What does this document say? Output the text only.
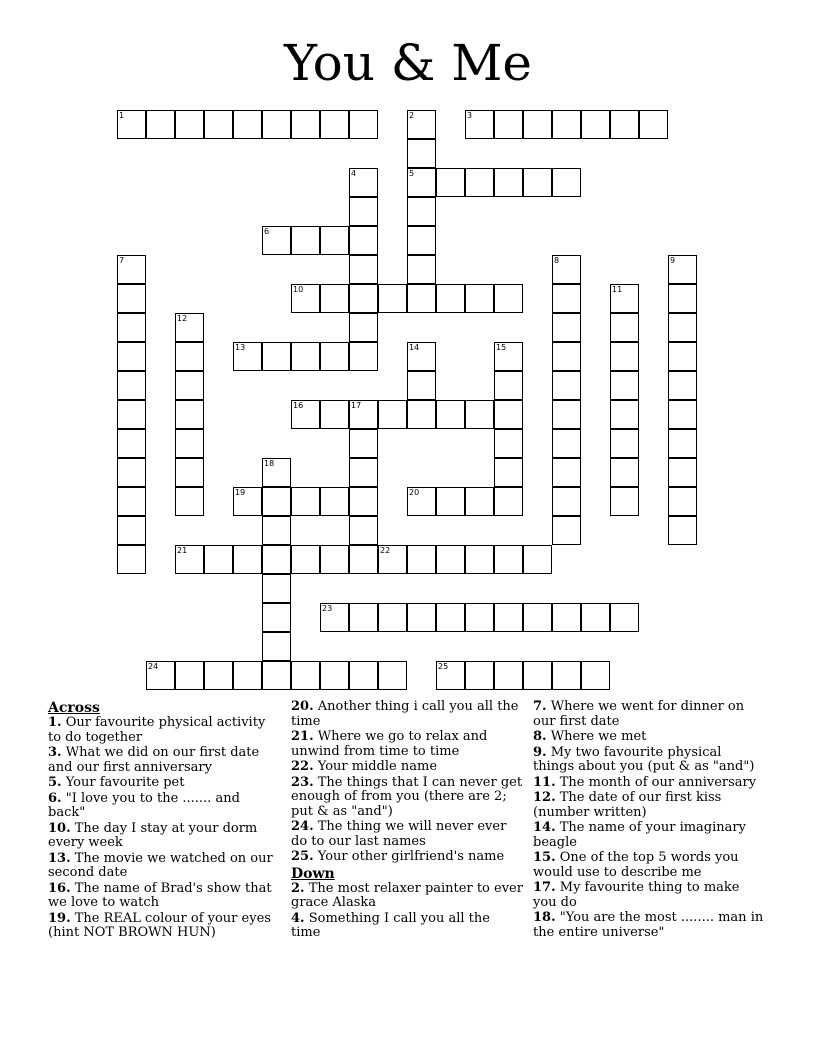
You & Me
1	2
5
3
4
6
7	8	9
10	11
12
13	14	15
16	17
18
19	20
21	22
23
24	25
Across
1. Our favourite physical activity to do together
3. What we did on our first date and our first anniversary
5. Your favourite pet
6. "I love you to the ....... and back"
10. The day I stay at your dorm every week
13. The movie we watched on our second date
16. The name of Brad's show that we love to watch
19. The REAL colour of your eyes (hint NOT BROWN HUN)
20. Another thing i call you all the time
21. Where we go to relax and unwind from time to time
22. Your middle name
23. The things that I can never get enough of from you (there are 2; put & as "and")
24. The thing we will never ever do to our last names
25. Your other girlfriend's name
Down
2. The most relaxer painter to ever grace Alaska
4. Something I call you all the time
7. Where we went for dinner on our first date
8. Where we met
9. My two favourite physical things about you (put & as "and")
11. The month of our anniversary
12. The date of our first kiss (number written)
14. The name of your imaginary beagle
15. One of the top 5 words you would use to describe me
17. My favourite thing to make you do
18. "You are the most ........ man in the entire universe"
